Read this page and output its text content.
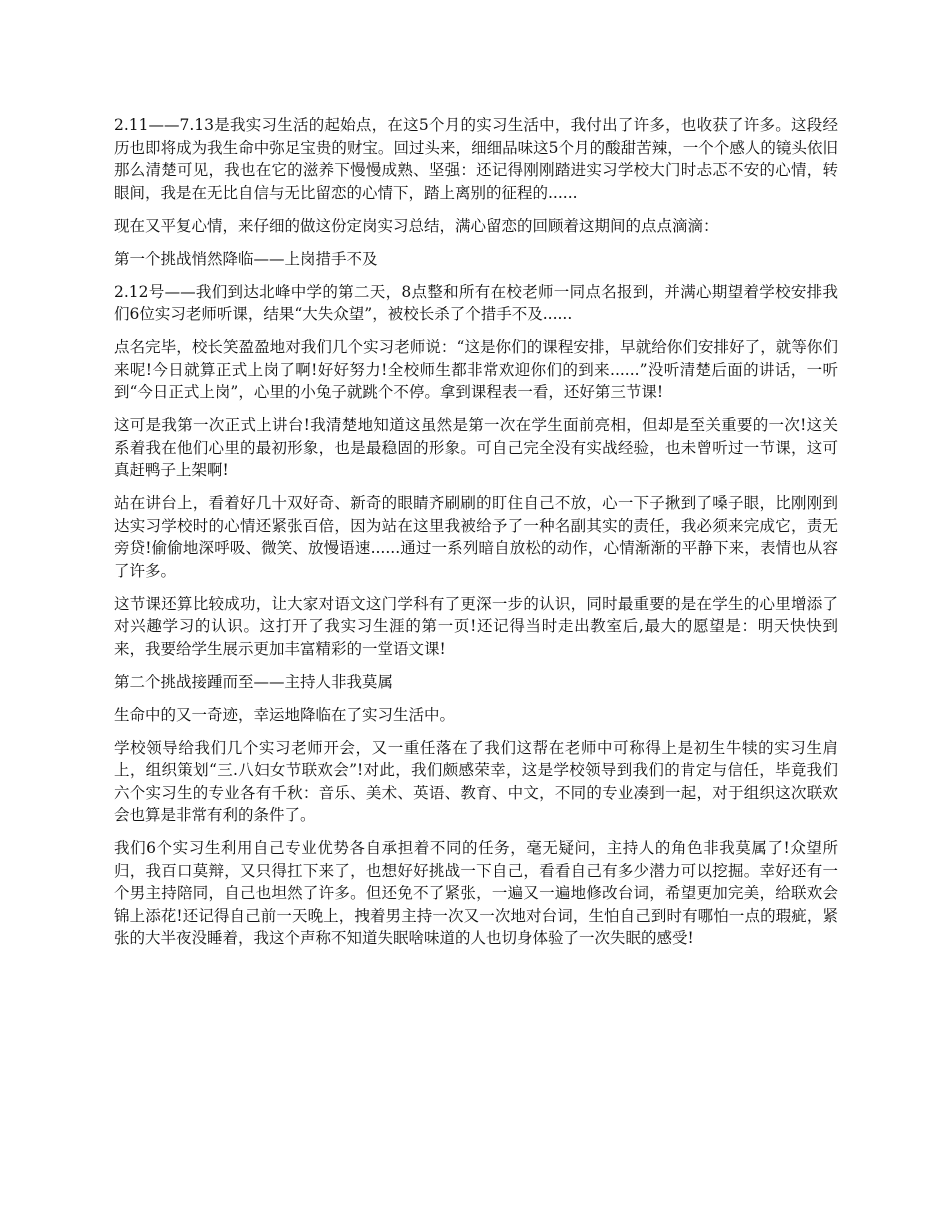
2.11——7.13是我实习生活的起始点，在这5个月的实习生活中，我付出了许多，也收获了许多。这段经历也即将成为我生命中弥足宝贵的财宝。回过头来，细细品味这5个月的酸甜苦辣，一个个感人的镜头依旧那么清楚可见，我也在它的滋养下慢慢成熟、坚强：还记得刚刚踏进实习学校大门时忐忑不安的心情，转眼间，我是在无比自信与无比留恋的心情下，踏上离别的征程的......

现在又平复心情，来仔细的做这份定岗实习总结，满心留恋的回顾着这期间的点点滴滴：

第一个挑战悄然降临——上岗措手不及

2.12号——我们到达北峰中学的第二天，8点整和所有在校老师一同点名报到，并满心期望着学校安排我们6位实习老师听课，结果“大失众望”，被校长杀了个措手不及......

点名完毕，校长笑盈盈地对我们几个实习老师说：“这是你们的课程安排，早就给你们安排好了，就等你们来呢!今日就算正式上岗了啊!好好努力!全校师生都非常欢迎你们的到来......”没听清楚后面的讲话，一听到“今日正式上岗”，心里的小兔子就跳个不停。拿到课程表一看，还好第三节课!

这可是我第一次正式上讲台!我清楚地知道这虽然是第一次在学生面前亮相，但却是至关重要的一次!这关系着我在他们心里的最初形象，也是最稳固的形象。可自己完全没有实战经验，也未曾听过一节课，这可真赶鸭子上架啊!

站在讲台上，看着好几十双好奇、新奇的眼睛齐刷刷的盯住自己不放，心一下子揪到了嗓子眼，比刚刚到达实习学校时的心情还紧张百倍，因为站在这里我被给予了一种名副其实的责任，我必须来完成它，责无旁贷!偷偷地深呼吸、微笑、放慢语速......通过一系列暗自放松的动作，心情渐渐的平静下来，表情也从容了许多。

这节课还算比较成功，让大家对语文这门学科有了更深一步的认识，同时最重要的是在学生的心里增添了对兴趣学习的认识。这打开了我实习生涯的第一页!还记得当时走出教室后,最大的愿望是：明天快快到来，我要给学生展示更加丰富精彩的一堂语文课!

第二个挑战接踵而至——主持人非我莫属

生命中的又一奇迹，幸运地降临在了实习生活中。

学校领导给我们几个实习老师开会，又一重任落在了我们这帮在老师中可称得上是初生牛犊的实习生肩上，组织策划“三.八妇女节联欢会”!对此，我们颇感荣幸，这是学校领导到我们的肯定与信任，毕竟我们六个实习生的专业各有千秋：音乐、美术、英语、教育、中文，不同的专业凑到一起，对于组织这次联欢会也算是非常有利的条件了。

我们6个实习生利用自己专业优势各自承担着不同的任务，毫无疑问，主持人的角色非我莫属了!众望所归，我百口莫辩，又只得扛下来了，也想好好挑战一下自己，看看自己有多少潜力可以挖掘。幸好还有一个男主持陪同，自己也坦然了许多。但还免不了紧张，一遍又一遍地修改台词，希望更加完美，给联欢会锦上添花!还记得自己前一天晚上，拽着男主持一次又一次地对台词，生怕自己到时有哪怕一点的瑕疵，紧张的大半夜没睡着，我这个声称不知道失眠啥味道的人也切身体验了一次失眠的感受!
